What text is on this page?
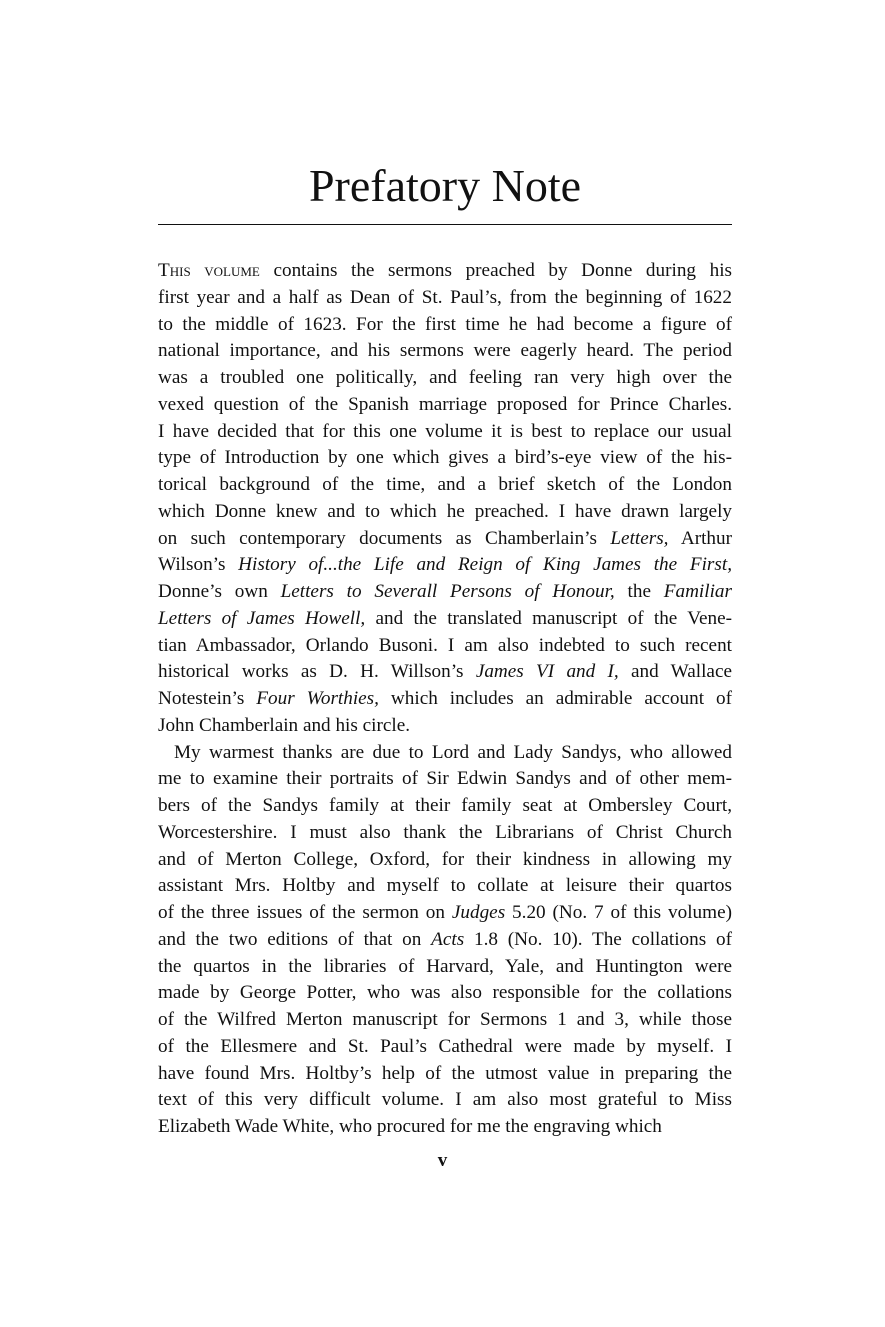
Prefatory Note
This volume contains the sermons preached by Donne during his
first year and a half as Dean of St. Paul’s, from the beginning of 1622
to the middle of 1623. For the first time he had become a figure of
national importance, and his sermons were eagerly heard. The period
was a troubled one politically, and feeling ran very high over the
vexed question of the Spanish marriage proposed for Prince Charles.
I have decided that for this one volume it is best to replace our usual
type of Introduction by one which gives a bird’s-eye view of the his-
torical background of the time, and a brief sketch of the London
which Donne knew and to which he preached. I have drawn largely
on such contemporary documents as Chamberlain’s Letters, Arthur
Wilson’s History of...the Life and Reign of King James the First,
Donne’s own Letters to Severall Persons of Honour, the Familiar
Letters of James Howell, and the translated manuscript of the Vene-
tian Ambassador, Orlando Busoni. I am also indebted to such recent
historical works as D. H. Willson’s James VI and I, and Wallace
Notestein’s Four Worthies, which includes an admirable account of
John Chamberlain and his circle.
My warmest thanks are due to Lord and Lady Sandys, who allowed
me to examine their portraits of Sir Edwin Sandys and of other mem-
bers of the Sandys family at their family seat at Ombersley Court,
Worcestershire. I must also thank the Librarians of Christ Church
and of Merton College, Oxford, for their kindness in allowing my
assistant Mrs. Holtby and myself to collate at leisure their quartos
of the three issues of the sermon on Judges 5.20 (No. 7 of this volume)
and the two editions of that on Acts 1.8 (No. 10). The collations of
the quartos in the libraries of Harvard, Yale, and Huntington were
made by George Potter, who was also responsible for the collations
of the Wilfred Merton manuscript for Sermons 1 and 3, while those
of the Ellesmere and St. Paul’s Cathedral were made by myself. I
have found Mrs. Holtby’s help of the utmost value in preparing the
text of this very difficult volume. I am also most grateful to Miss
Elizabeth Wade White, who procured for me the engraving which
v
